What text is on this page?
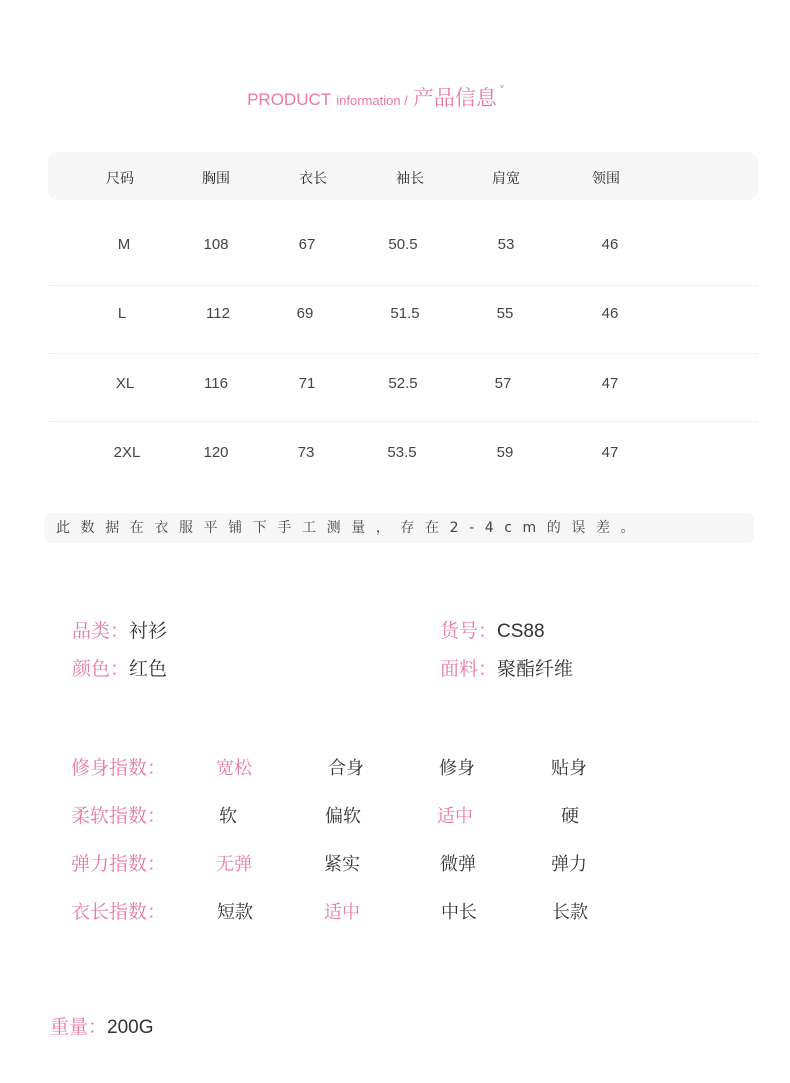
PRODUCT information / 产品信息 ˅
尺码	胸围	衣长	袖长	肩宽	领围
M	108	67	50.5	53	46
L	112	69	51.5	55	46
XL	116	71	52.5	57	47
2XL	120	73	53.5	59	47
此数据在衣服平铺下手工测量，存在2-4cm的误差。
品类：衬衫	货号：CS88
颜色：红色	面料：聚酯纤维
修身指数：	宽松	合身	修身	贴身
柔软指数：	软	偏软	适中	硬
弹力指数：	无弹	紧实	微弹	弹力
衣长指数：	短款	适中	中长	长款
重量：200G
